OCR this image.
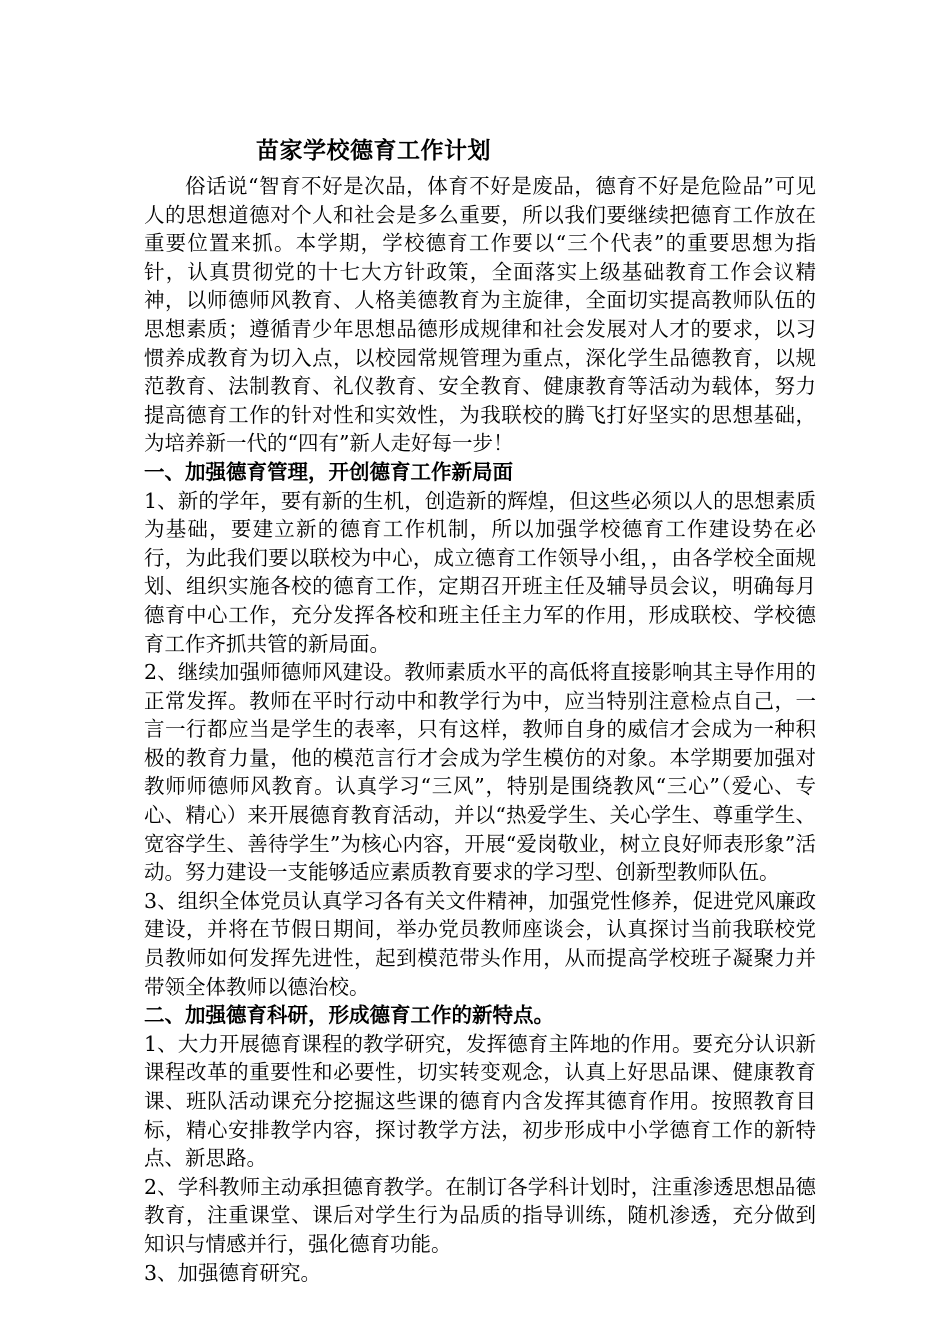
苗家学校德育工作计划

俗话说“智育不好是次品，体育不好是废品，德育不好是危险品”可见人的思想道德对个人和社会是多么重要，所以我们要继续把德育工作放在重要位置来抓。本学期，学校德育工作要以“三个代表”的重要思想为指针，认真贯彻党的十七大方针政策，全面落实上级基础教育工作会议精神，以师德师风教育、人格美德教育为主旋律，全面切实提高教师队伍的思想素质；遵循青少年思想品德形成规律和社会发展对人才的要求，以习惯养成教育为切入点，以校园常规管理为重点，深化学生品德教育，以规范教育、法制教育、礼仪教育、安全教育、健康教育等活动为载体，努力提高德育工作的针对性和实效性，为我联校的腾飞打好坚实的思想基础，为培养新一代的“四有”新人走好每一步！

一、加强德育管理，开创德育工作新局面

1、新的学年，要有新的生机，创造新的辉煌，但这些必须以人的思想素质为基础，要建立新的德育工作机制，所以加强学校德育工作建设势在必行，为此我们要以联校为中心，成立德育工作领导小组，，由各学校全面规划、组织实施各校的德育工作，定期召开班主任及辅导员会议，明确每月德育中心工作，充分发挥各校和班主任主力军的作用，形成联校、学校德育工作齐抓共管的新局面。

2、继续加强师德师风建设。教师素质水平的高低将直接影响其主导作用的正常发挥。教师在平时行动中和教学行为中，应当特别注意检点自己，一言一行都应当是学生的表率，只有这样，教师自身的威信才会成为一种积极的教育力量，他的模范言行才会成为学生模仿的对象。本学期要加强对教师师德师风教育。认真学习“三风”，特别是围绕教风“三心”（爱心、专心、精心）来开展德育教育活动，并以“热爱学生、关心学生、尊重学生、宽容学生、善待学生”为核心内容，开展“爱岗敬业，树立良好师表形象”活动。努力建设一支能够适应素质教育要求的学习型、创新型教师队伍。

3、组织全体党员认真学习各有关文件精神，加强党性修养，促进党风廉政建设，并将在节假日期间，举办党员教师座谈会，认真探讨当前我联校党员教师如何发挥先进性，起到模范带头作用，从而提高学校班子凝聚力并带领全体教师以德治校。

二、加强德育科研，形成德育工作的新特点。

1、大力开展德育课程的教学研究，发挥德育主阵地的作用。要充分认识新课程改革的重要性和必要性，切实转变观念，认真上好思品课、健康教育课、班队活动课充分挖掘这些课的德育内含发挥其德育作用。按照教育目标，精心安排教学内容，探讨教学方法，初步形成中小学德育工作的新特点、新思路。

2、学科教师主动承担德育教学。在制订各学科计划时，注重渗透思想品德教育，注重课堂、课后对学生行为品质的指导训练，随机渗透，充分做到知识与情感并行，强化德育功能。

3、加强德育研究。
